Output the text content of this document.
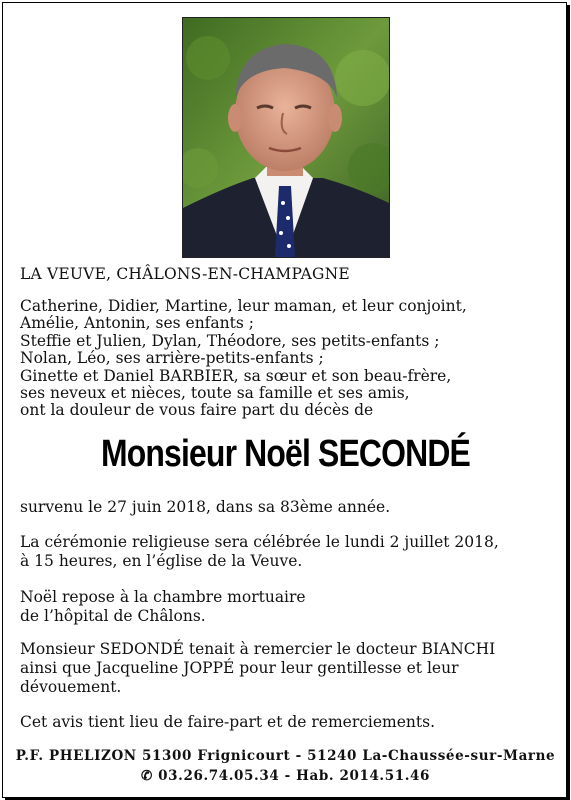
LA VEUVE, CHÂLONS-EN-CHAMPAGNE
Catherine, Didier, Martine, leur maman, et leur conjoint,
Amélie, Antonin, ses enfants ;
Steffie et Julien, Dylan, Théodore, ses petits-enfants ;
Nolan, Léo, ses arrière-petits-enfants ;
Ginette et Daniel BARBIER, sa sœur et son beau-frère,
ses neveux et nièces, toute sa famille et ses amis,
ont la douleur de vous faire part du décès de
Monsieur Noël SECONDÉ
survenu le 27 juin 2018, dans sa 83ème année.
La cérémonie religieuse sera célébrée le lundi 2 juillet 2018,
à 15 heures, en l’église de la Veuve.
Noël repose à la chambre mortuaire
de l’hôpital de Châlons.
Monsieur SEDONDÉ tenait à remercier le docteur BIANCHI
ainsi que Jacqueline JOPPÉ pour leur gentillesse et leur
dévouement.
Cet avis tient lieu de faire-part et de remerciements.
P.F. PHELIZON 51300 Frignicourt - 51240 La-Chaussée-sur-Marne
✆ 03.26.74.05.34 - Hab. 2014.51.46
